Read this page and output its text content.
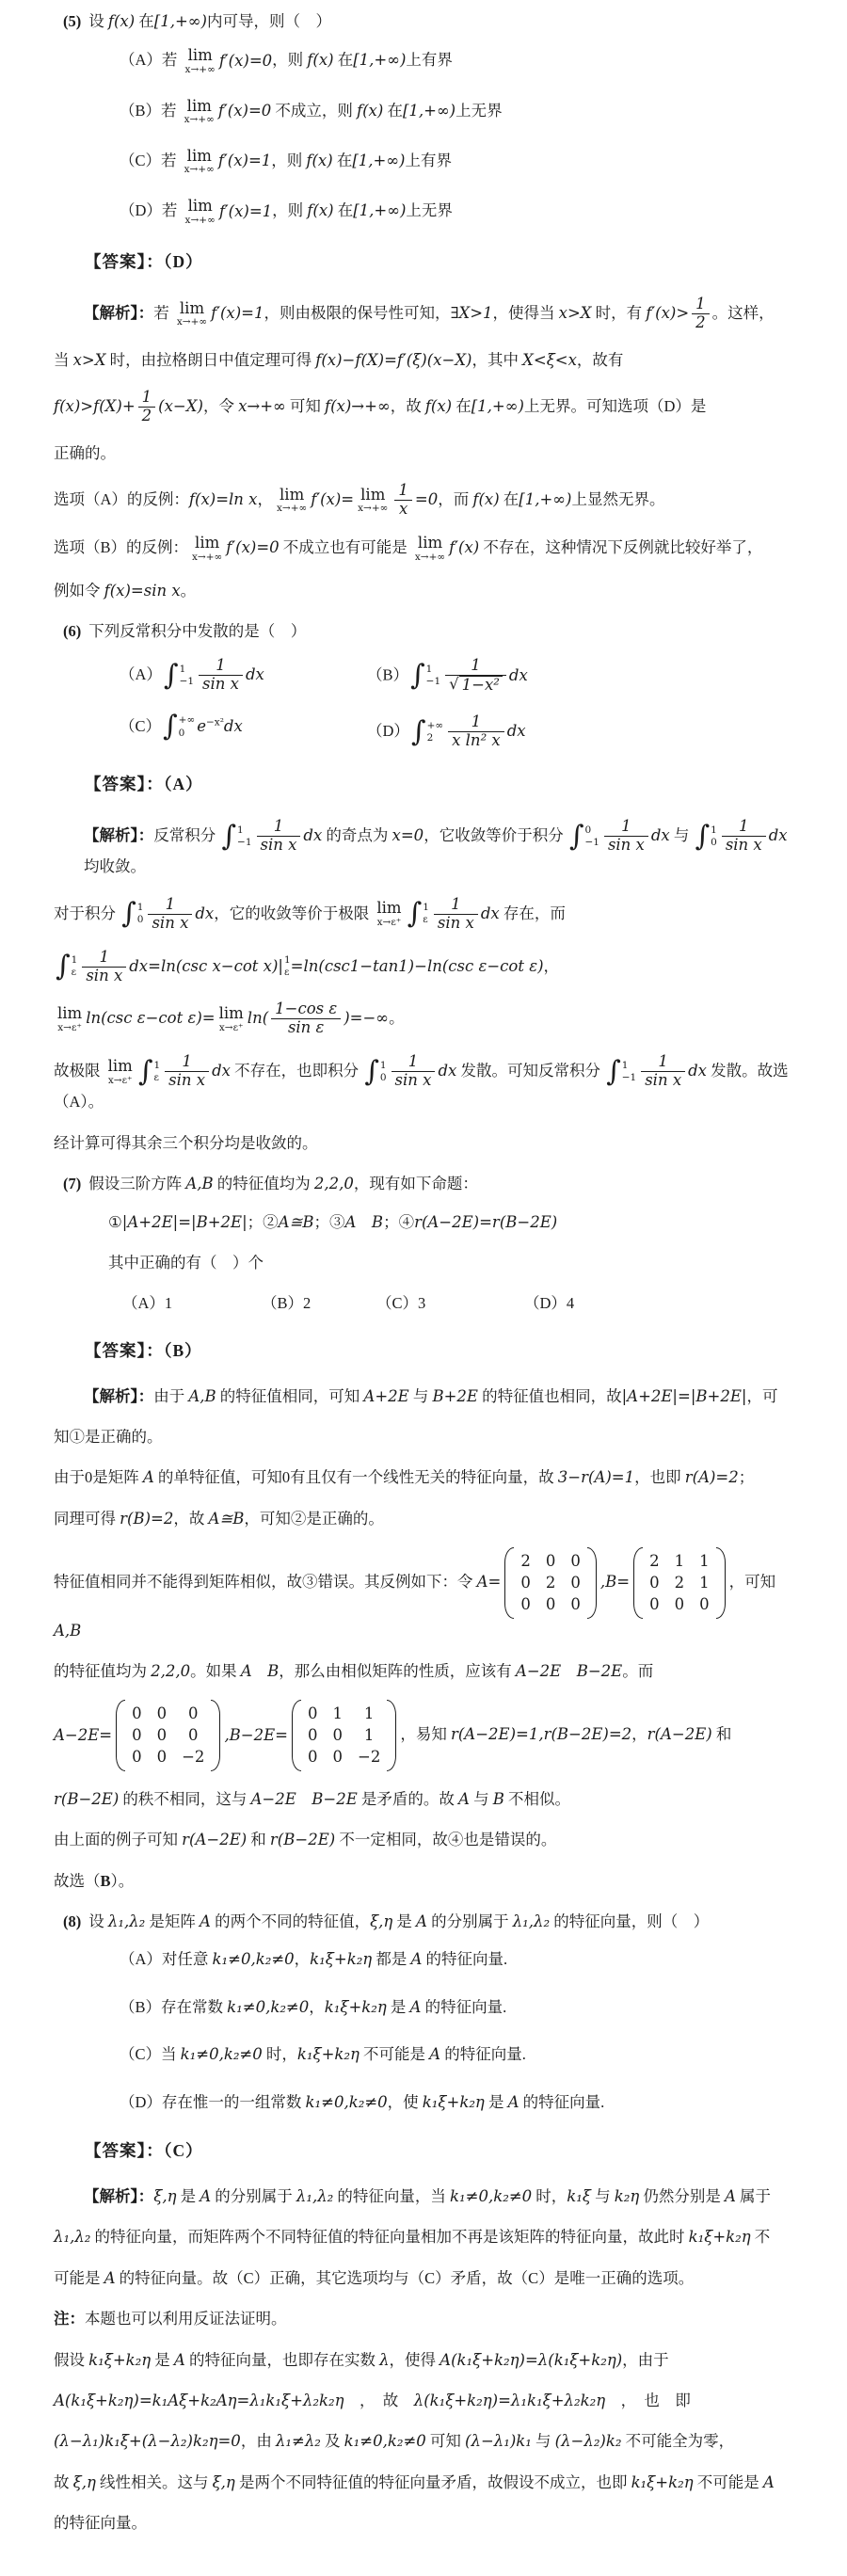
(5) 设 f(x) 在[1,+∞)内可导，则（　）
（A）若 lim
x→+∞
f′(x)=0，则 f(x) 在[1,+∞)上有界
（B）若 lim
x→+∞
f′(x)=0 不成立，则 f(x) 在[1,+∞)上无界
（C）若 lim
x→+∞
f′(x)=1，则 f(x) 在[1,+∞)上有界
（D）若 lim
x→+∞
f′(x)=1，则 f(x) 在[1,+∞)上无界
【答案】：（D）
【解析】：若 lim
x→+∞
f′(x)=1，则由极限的保号性可知，∃X>1，使得当 x>X 时，有 $f'(x)> \frac{1}{2}$ 。这样，
当 x>X 时，由拉格朗日中值定理可得 f(x)−f(X)=f′(ξ)(x−X)，其中 X<ξ<x，故有
$f(x)>f(X)+ \frac{1}{2} (x-X)$，令 x→+∞ 可知 f(x)→+∞，故 f(x) 在[1,+∞)上无界。可知选项（D）是
正确的。
选项（A）的反例：f(x)=ln x， lim
x→+∞
f′(x)= lim
$x\to+\infty \frac{1}{x} =0$，而 f(x) 在[1,+∞)上显然无界。
选项（B）的反例： lim
x→+∞
f′(x)=0 不成立也有可能是 lim
x→+∞
f′(x) 不存在，这种情况下反例就比较好举了，
例如令 f(x)=sin x。
(6) 下列反常积分中发散的是（　）
（A） ∫ 1
$-1 \frac{1}{\text{sin x}}$ dx	（B） ∫ 1
$-1 \frac{1}{\text{√ 1−x²}}$ dx
（C） ∫ +∞
0 $e^{-x^2}dx$	（D） ∫ +∞
$2 \frac{1}{\text{x ln² x}}$ dx
【答案】：（A）
【解析】：反常积分 ∫ 1
$-1 \frac{1}{\text{sin x}}$ dx 的奇点为 x=0，它收敛等价于积分 ∫ 0
$-1 \frac{1}{\text{sin x}}$ dx 与 ∫ 1
$0 \frac{1}{\text{sin x}}$ dx 均收敛。
对于积分 ∫ 1
$0 \frac{1}{\text{sin x}}$ dx，它的收敛等价于极限 lim
x→ε⁺ ∫ 1
ε $\frac{1}{\text{sin x}}$ dx 存在，而
∫ 1
ε $\frac{1}{\text{sin x}} dx=\ln(\csc$ x−cot x)| 1
ε =ln(csc1−tan1)−ln(csc ε−cot ε)，
lim
x→ε⁺
ln(csc ε−cot ε)= lim
x→ε⁺
$\ln( \frac{\text{1−cos ε}}{\text{sin ε}}$ )=−∞。
故极限 lim
x→ε⁺ ∫ 1
ε $\frac{1}{\text{sin x}}$ dx 不存在，也即积分 ∫ 1
$0 \frac{1}{\text{sin x}}$ dx 发散。可知反常积分 ∫ 1
$-1 \frac{1}{\text{sin x}}$ dx 发散。故选（A）。
经计算可得其余三个积分均是收敛的。
(7) 假设三阶方阵 A,B 的特征值均为 2,2,0，现有如下命题：
①|A+2E|=|B+2E|；②A≅B；③A　B；④r(A−2E)=r(B−2E)
其中正确的有（　）个
（A）1	（B）2	（C）3	（D）4
【答案】：（B）
【解析】：由于 A,B 的特征值相同，可知 A+2E 与 B+2E 的特征值也相同，故|A+2E|=|B+2E|，可
知①是正确的。
由于0是矩阵 A 的单特征值，可知0有且仅有一个线性无关的特征向量，故 3−r(A)=1，也即 r(A)=2；
同理可得 r(B)=2，故 A≅B，可知②是正确的。
特征值相同并不能得到矩阵相似，故③错误。其反例如下：令 A=
2 0 0
0 2 0
0 0 0
,B=
2 1 1
0 2 1
0 0 0
，可知 A,B
的特征值均为 2,2,0。如果 A　B，那么由相似矩阵的性质，应该有 A−2E　B−2E。而
A−2E=
0 0	0
0 0	0
0 0 −2
,B−2E=
0 1	1
0 0	1
0 0 −2
，易知 r(A−2E)=1,r(B−2E)=2，r(A−2E) 和
r(B−2E) 的秩不相同，这与 A−2E　B−2E 是矛盾的。故 A 与 B 不相似。
由上面的例子可知 r(A−2E) 和 r(B−2E) 不一定相同，故④也是错误的。
故选（B）。
(8) 设 λ₁,λ₂ 是矩阵 A 的两个不同的特征值，ξ,η 是 A 的分别属于 λ₁,λ₂ 的特征向量，则（　）
（A）对任意 k₁≠0,k₂≠0，k₁ξ+k₂η 都是 A 的特征向量.
（B）存在常数 k₁≠0,k₂≠0，k₁ξ+k₂η 是 A 的特征向量.
（C）当 k₁≠0,k₂≠0 时，k₁ξ+k₂η 不可能是 A 的特征向量.
（D）存在惟一的一组常数 k₁≠0,k₂≠0，使 k₁ξ+k₂η 是 A 的特征向量.
【答案】：（C）
【解析】：ξ,η 是 A 的分别属于 λ₁,λ₂ 的特征向量，当 k₁≠0,k₂≠0 时，k₁ξ 与 k₂η 仍然分别是 A 属于
λ₁,λ₂ 的特征向量，而矩阵两个不同特征值的特征向量相加不再是该矩阵的特征向量，故此时 k₁ξ+k₂η 不
可能是 A 的特征向量。故（C）正确，其它选项均与（C）矛盾，故（C）是唯一正确的选项。
注：本题也可以利用反证法证明。
假设 k₁ξ+k₂η 是 A 的特征向量，也即存在实数 λ，使得 A(k₁ξ+k₂η)=λ(k₁ξ+k₂η)，由于
A(k₁ξ+k₂η)=k₁Aξ+k₂Aη=λ₁k₁ξ+λ₂k₂η　，　故　λ(k₁ξ+k₂η)=λ₁k₁ξ+λ₂k₂η　，　也　即
(λ−λ₁)k₁ξ+(λ−λ₂)k₂η=0，由 λ₁≠λ₂ 及 k₁≠0,k₂≠0 可知 (λ−λ₁)k₁ 与 (λ−λ₂)k₂ 不可能全为零，
故 ξ,η 线性相关。这与 ξ,η 是两个不同特征值的特征向量矛盾，故假设不成立，也即 k₁ξ+k₂η 不可能是 A
的特征向量。
